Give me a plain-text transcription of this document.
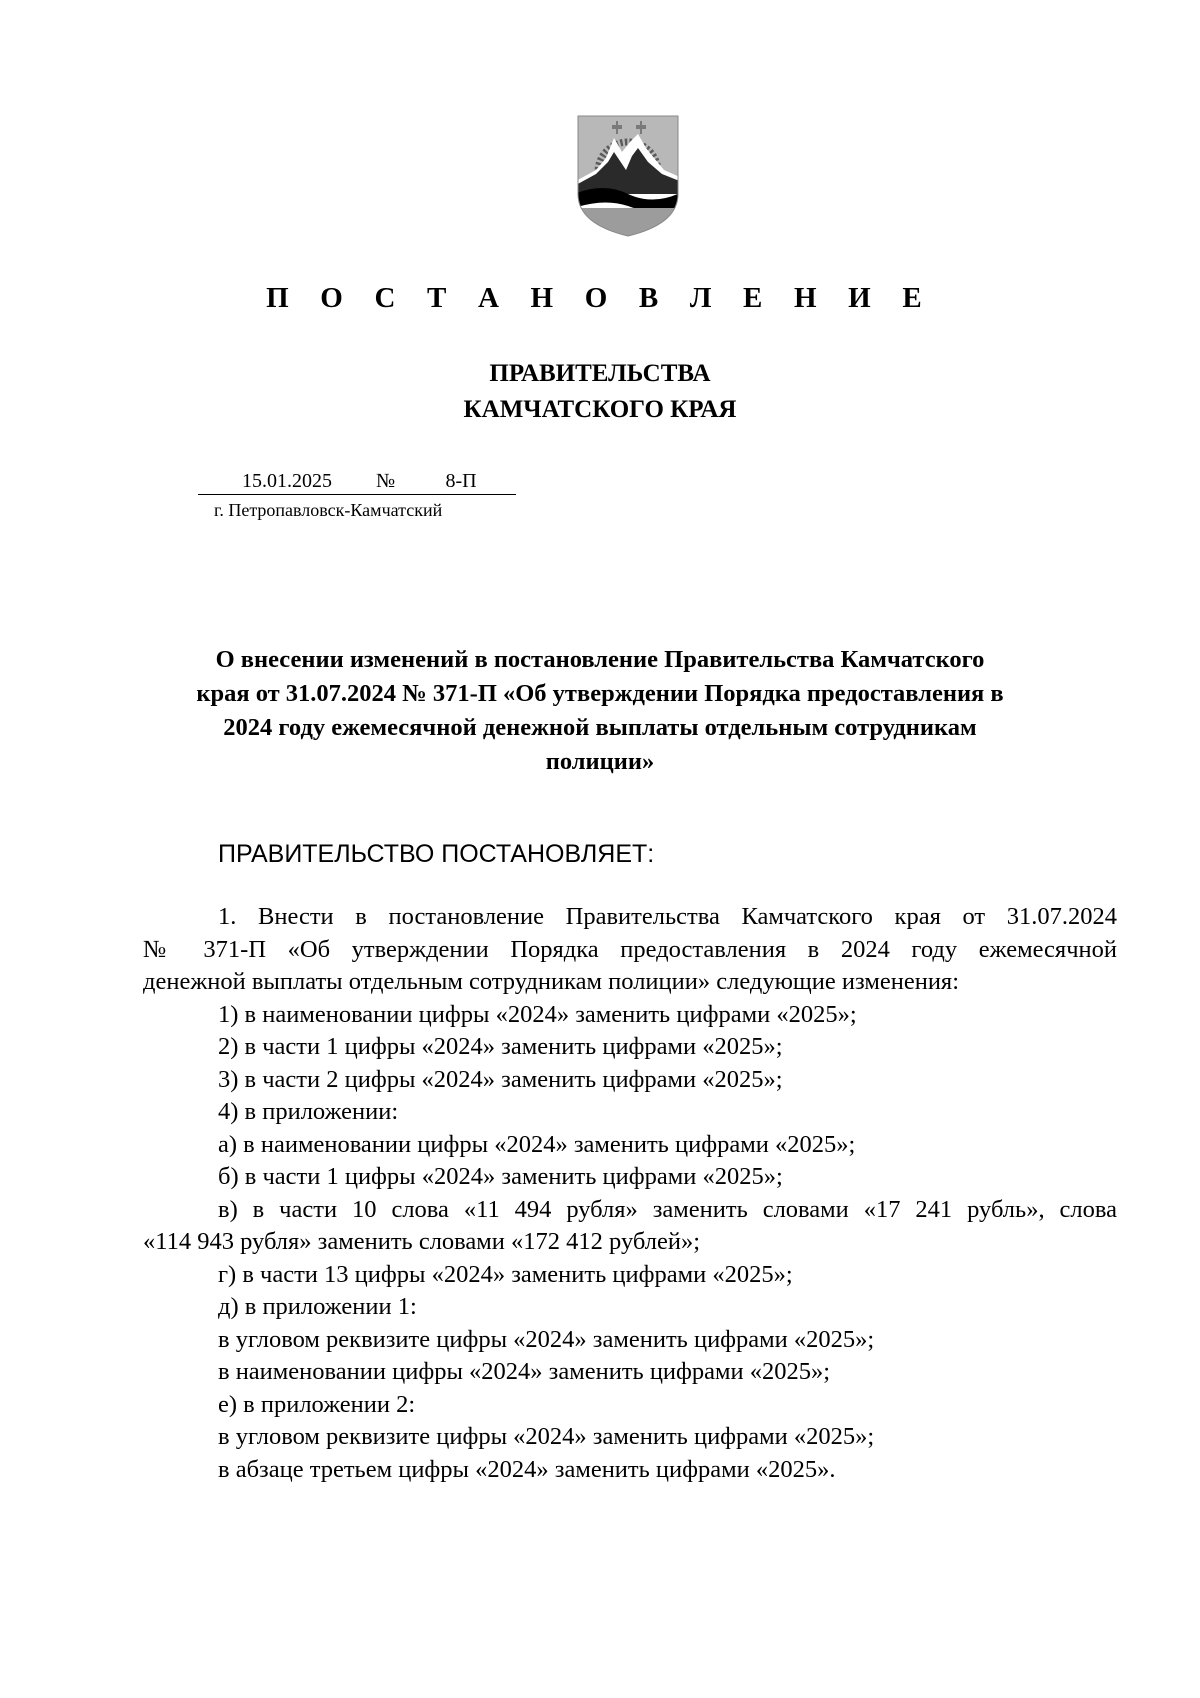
П О С Т А Н О В Л Е Н И Е
ПРАВИТЕЛЬСТВА
КАМЧАТСКОГО КРАЯ
15.01.2025 №	8-П
г. Петропавловск-Камчатский
О внесении изменений в постановление Правительства Камчатского
края от 31.07.2024 № 371-П «Об утверждении Порядка предоставления в
2024 году ежемесячной денежной выплаты отдельным сотрудникам
полиции»
ПРАВИТЕЛЬСТВО ПОСТАНОВЛЯЕТ:
1. Внести в постановление Правительства Камчатского края от 31.07.2024
№ 371-П «Об утверждении Порядка предоставления в 2024 году ежемесячной
денежной выплаты отдельным сотрудникам полиции» следующие изменения:
1) в наименовании цифры «2024» заменить цифрами «2025»;
2) в части 1 цифры «2024» заменить цифрами «2025»;
3) в части 2 цифры «2024» заменить цифрами «2025»;
4) в приложении:
а) в наименовании цифры «2024» заменить цифрами «2025»;
б) в части 1 цифры «2024» заменить цифрами «2025»;
в) в части 10 слова «11 494 рубля» заменить словами «17 241 рубль», слова
«114 943 рубля» заменить словами «172 412 рублей»;
г) в части 13 цифры «2024» заменить цифрами «2025»;
д) в приложении 1:
в угловом реквизите цифры «2024» заменить цифрами «2025»;
в наименовании цифры «2024» заменить цифрами «2025»;
е) в приложении 2:
в угловом реквизите цифры «2024» заменить цифрами «2025»;
в абзаце третьем цифры «2024» заменить цифрами «2025».
